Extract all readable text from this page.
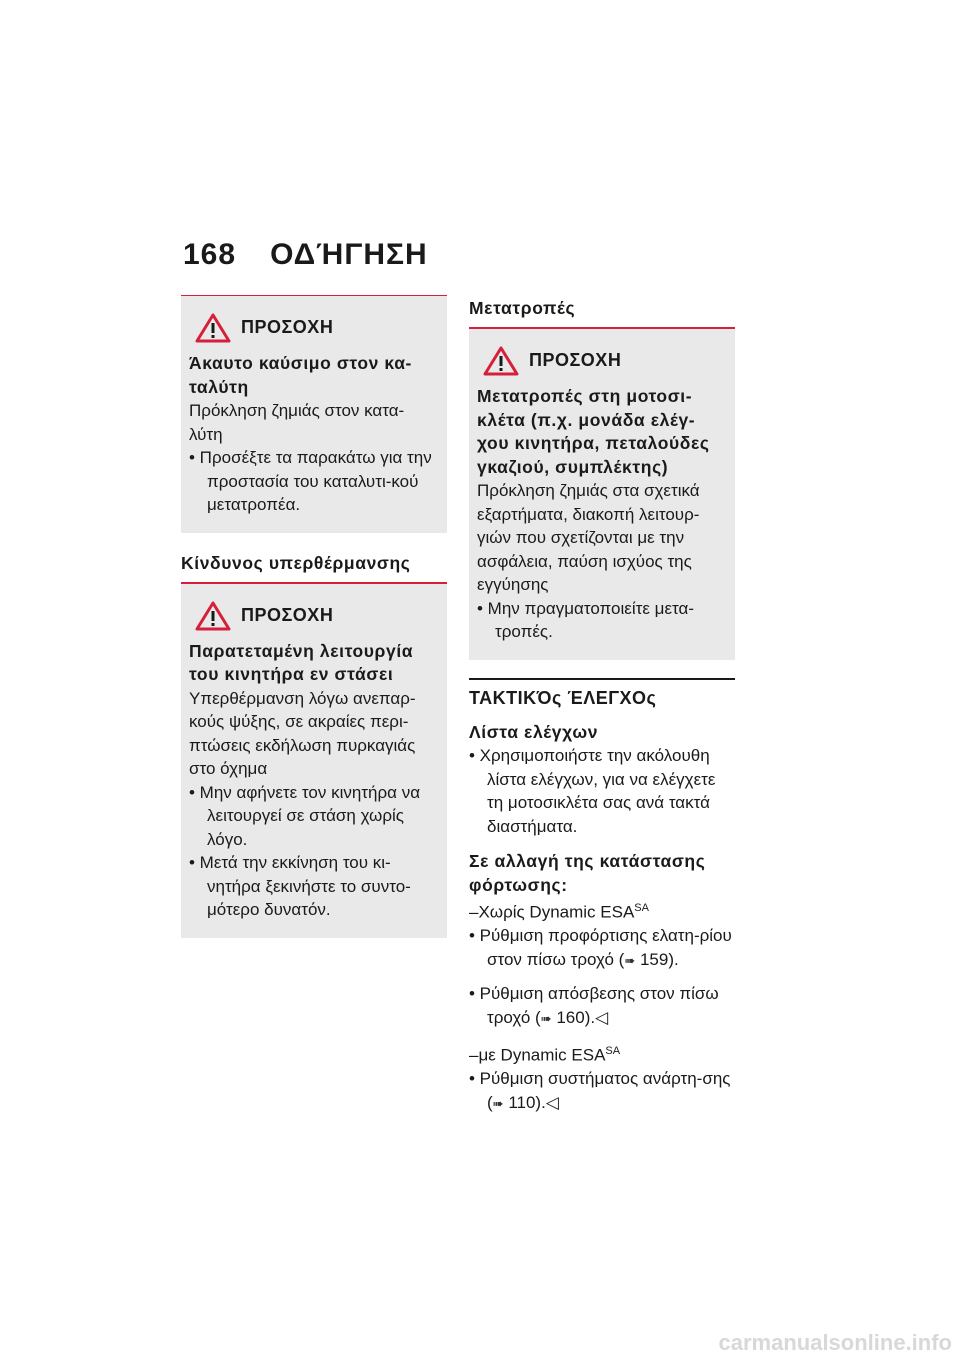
168 ΟΔΉΓΗΣΗ
ΠΡΟΣΟΧΗ
Άκαυτο καύσιμο στον κα-ταλύτη
Πρόκληση ζημιάς στον κατα-λύτη
• Προσέξτε τα παρακάτω για την προστασία του καταλυτι-κού μετατροπέα.
Κίνδυνος υπερθέρμανσης
ΠΡΟΣΟΧΗ
Παρατεταμένη λειτουργία του κινητήρα εν στάσει
Υπερθέρμανση λόγω ανεπαρ-κούς ψύξης, σε ακραίες περι-πτώσεις εκδήλωση πυρκαγιάς στο όχημα
• Μην αφήνετε τον κινητήρα να λειτουργεί σε στάση χωρίς λόγο.
• Μετά την εκκίνηση του κι-νητήρα ξεκινήστε το συντο-μότερο δυνατόν.
Μετατροπές
ΠΡΟΣΟΧΗ
Μετατροπές στη μοτοσι-κλέτα (π.χ. μονάδα ελέγ-χου κινητήρα, πεταλούδες γκαζιού, συμπλέκτης)
Πρόκληση ζημιάς στα σχετικά εξαρτήματα, διακοπή λειτουρ-γιών που σχετίζονται με την ασφάλεια, παύση ισχύος της εγγύησης
• Μην πραγματοποιείτε μετα-τροπές.
ΤΑΚΤΙΚΌς ΈΛΕΓΧΟς
Λίστα ελέγχων
• Χρησιμοποιήστε την ακόλουθη λίστα ελέγχων, για να ελέγχετε τη μοτοσικλέτα σας ανά τακτά διαστήματα.
Σε αλλαγή της κατάστασης φόρτωσης:
–Χωρίς Dynamic $ESA^{SA}$
• Ρύθμιση προφόρτισης ελατη-ρίου στον πίσω τροχό (➠ 159).
• Ρύθμιση απόσβεσης στον πίσω τροχό (➠ 160).◁
–με Dynamic $ESA^{SA}$
• Ρύθμιση συστήματος ανάρτη-σης (➠ 110).◁
carmanualsonline.info
